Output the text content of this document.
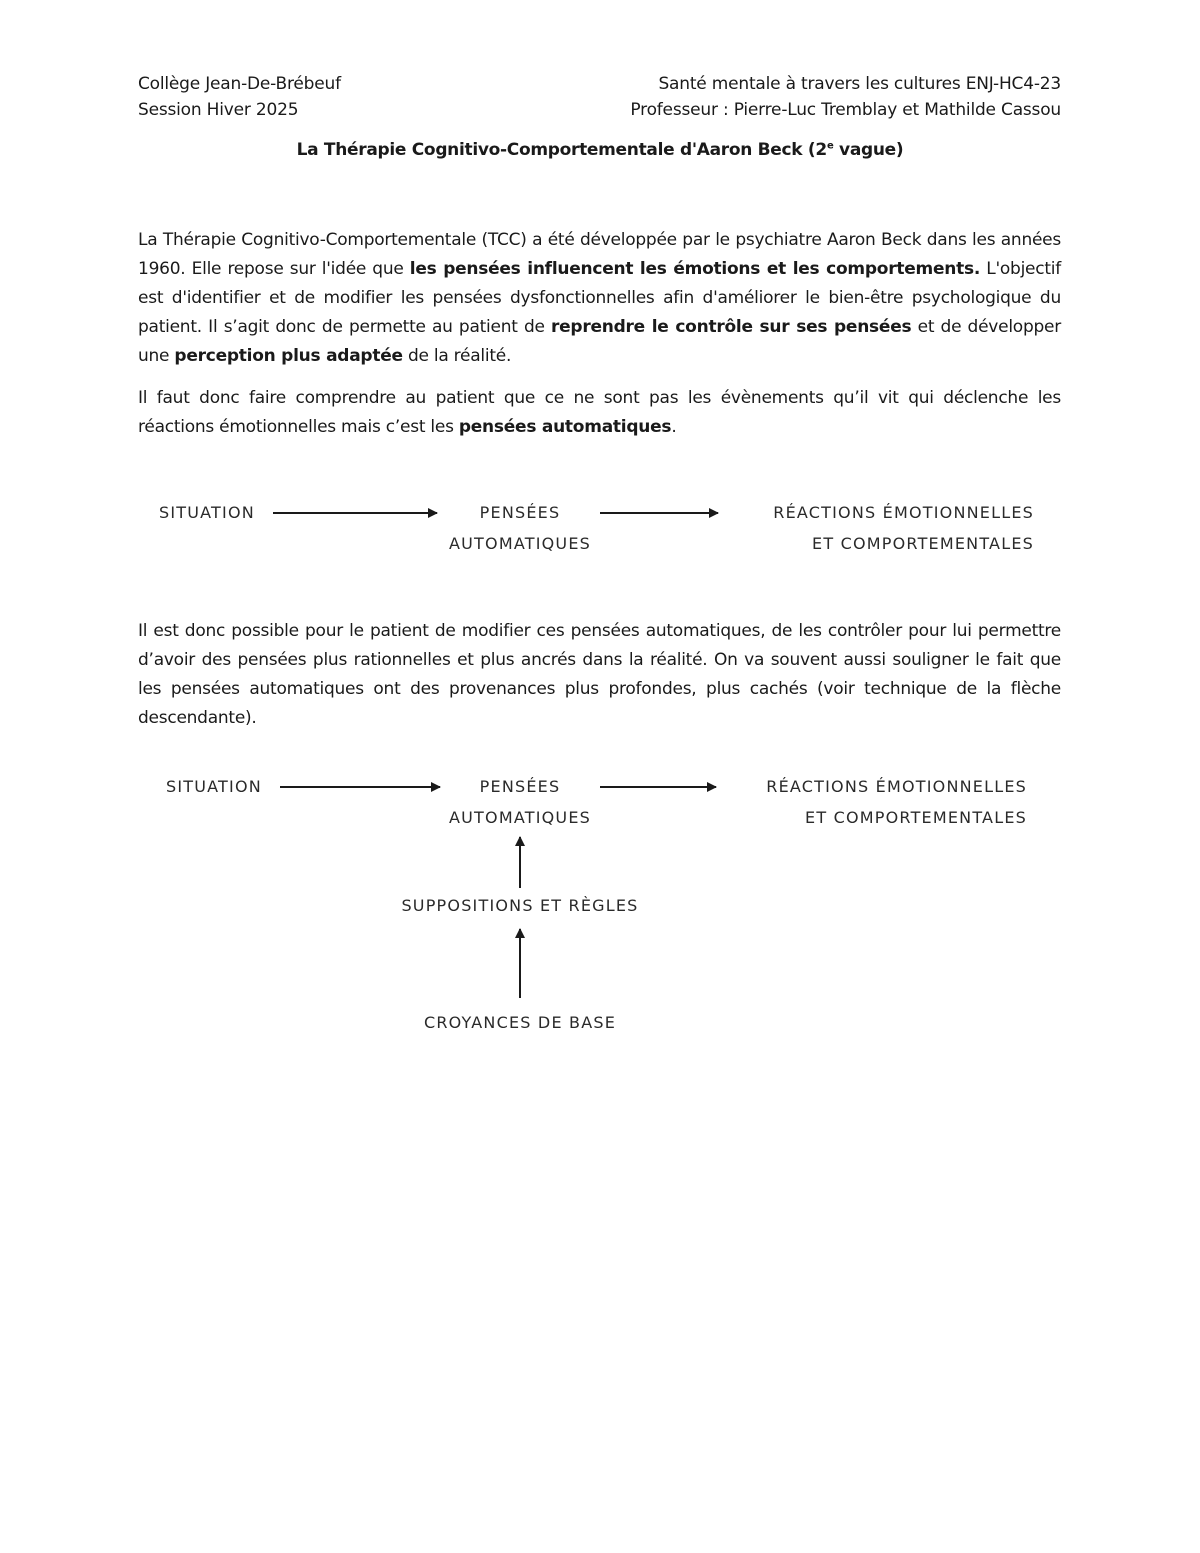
Collège Jean-De-Brébeuf
Session Hiver 2025
Santé mentale à travers les cultures ENJ-HC4-23
Professeur : Pierre-Luc Tremblay et Mathilde Cassou
La Thérapie Cognitivo-Comportementale d'Aaron Beck (2e vague)

La Thérapie Cognitivo-Comportementale (TCC) a été développée par le psychiatre Aaron Beck dans les années 1960. Elle repose sur l'idée que les pensées influencent les émotions et les comportements. L'objectif est d'identifier et de modifier les pensées dysfonctionnelles afin d'améliorer le bien-être psychologique du patient. Il s’agit donc de permette au patient de reprendre le contrôle sur ses pensées et de développer une perception plus adaptée de la réalité.

Il faut donc faire comprendre au patient que ce ne sont pas les évènements qu’il vit qui déclenche les réactions émotionnelles mais c’est les pensées automatiques.

SITUATION	PENSÉES
AUTOMATIQUES
RÉACTIONS ÉMOTIONNELLES
ET COMPORTEMENTALES

Il est donc possible pour le patient de modifier ces pensées automatiques, de les contrôler pour lui permettre d’avoir des pensées plus rationnelles et plus ancrés dans la réalité. On va souvent aussi souligner le fait que les pensées automatiques ont des provenances plus profondes, plus cachés (voir technique de la flèche descendante).

SITUATION	PENSÉES
AUTOMATIQUES
RÉACTIONS ÉMOTIONNELLES
ET COMPORTEMENTALES
SUPPOSITIONS ET RÈGLES
CROYANCES DE BASE
